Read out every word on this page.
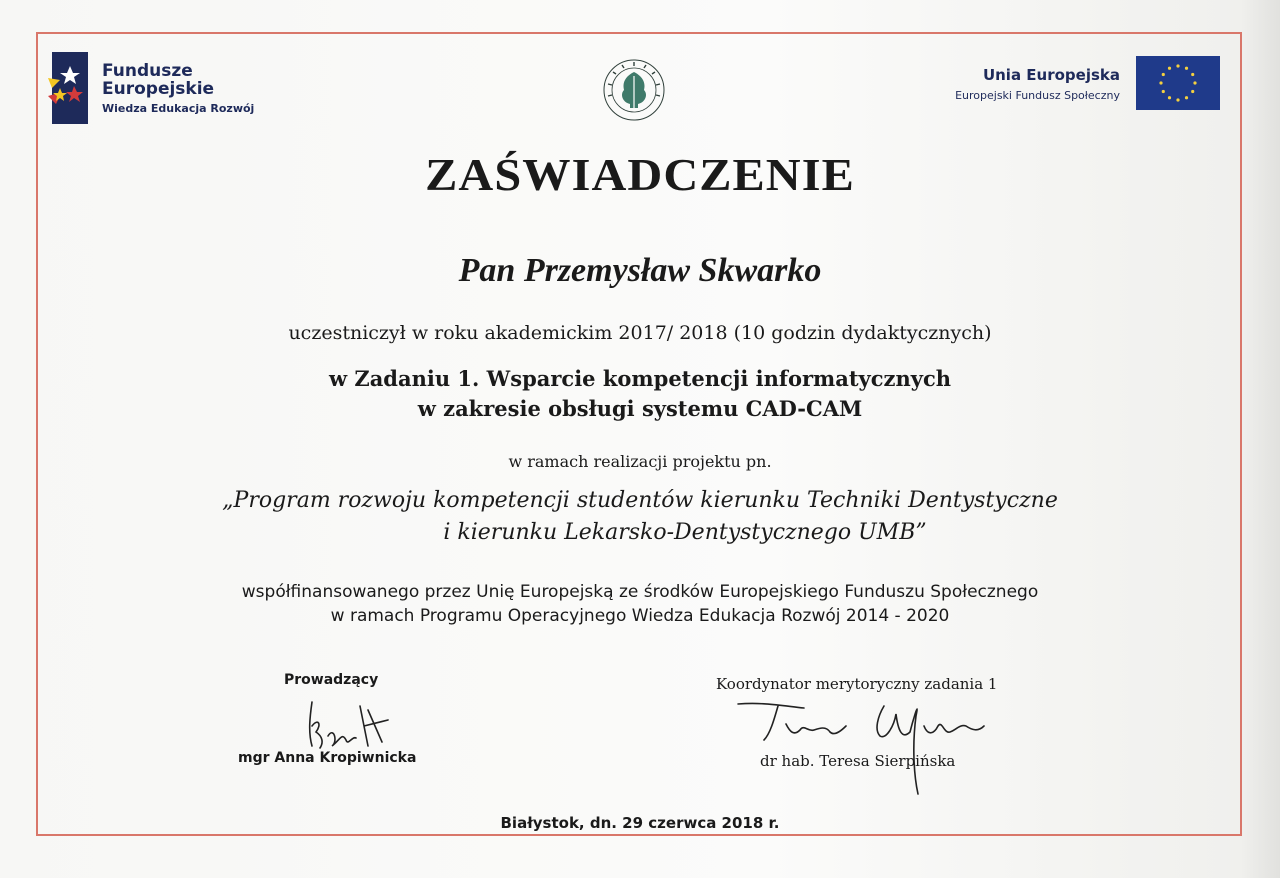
Fundusze
Europejskie
Wiedza Edukacja Rozwój
Unia Europejska
Europejski Fundusz Społeczny
ZAŚWIADCZENIE
Pan Przemysław Skwarko
uczestniczył w roku akademickim 2017/ 2018 (10 godzin dydaktycznych)
w Zadaniu 1. Wsparcie kompetencji informatycznych
w zakresie obsługi systemu CAD-CAM
w ramach realizacji projektu pn.
„Program rozwoju kompetencji studentów kierunku Techniki Dentystyczne
i kierunku Lekarsko-Dentystycznego UMB”
współfinansowanego przez Unię Europejską ze środków Europejskiego Funduszu Społecznego
w ramach Programu Operacyjnego Wiedza Edukacja Rozwój 2014 - 2020
Prowadzący
mgr Anna Kropiwnicka
Koordynator merytoryczny zadania 1
dr hab. Teresa Sierpińska
Białystok, dn. 29 czerwca 2018 r.
